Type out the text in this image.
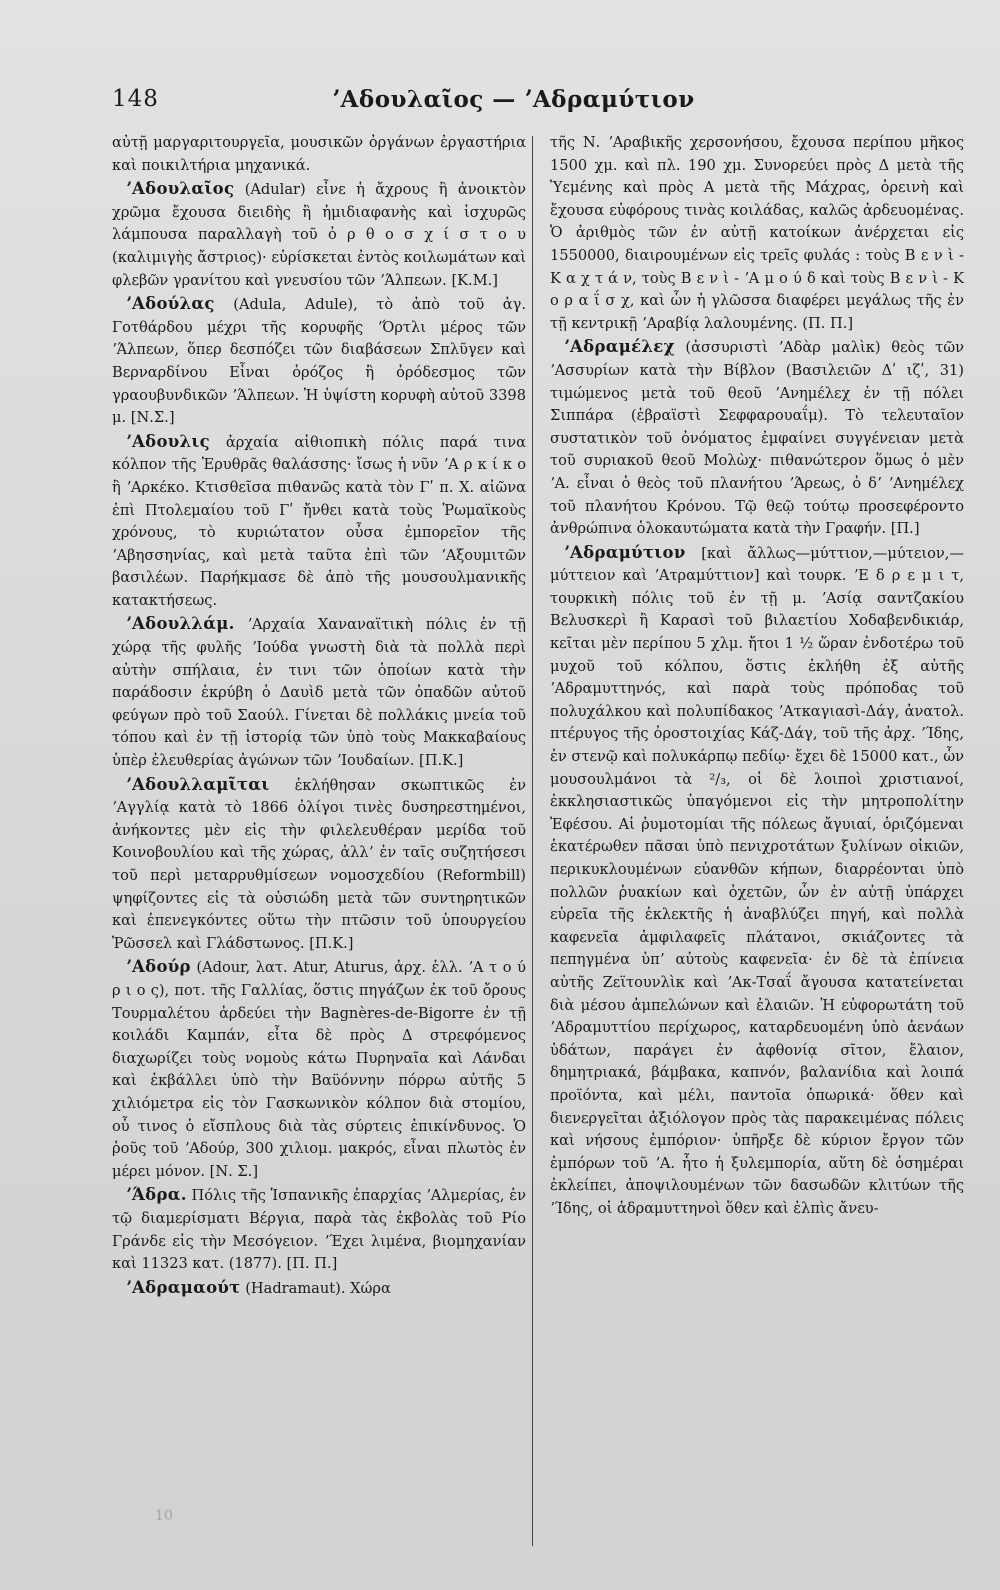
148	ʼΑδουλαῖος — ʼΑδραμύτιον

αὐτῇ μαργαριτουργεῖα, μουσικῶν ὀργάνων ἐργαστήρια καὶ ποικιλτήρια μηχανικά.

ʼΑδουλαῖος (Adular) εἶνε ἡ ἄχρους ἢ ἀνοικτὸν χρῶμα ἔχουσα διειδὴς ἢ ἡμιδιαφανὴς καὶ ἰσχυρῶς λάμπουσα παραλλαγὴ τοῦ ὀ ρ θ ο σ χ ί σ τ ο υ (καλιμιγὴς ἄστριος)· εὑρίσκεται ἐντὸς κοιλωμάτων καὶ φλεβῶν γρανίτου καὶ γνευσίου τῶν ʼΆλπεων. [Κ.Μ.]

ʼΑδούλας (Adula, Adule), τὸ ἀπὸ τοῦ ἁγ. Γοτθάρδου μέχρι τῆς κορυφῆς ʼΌρτλι μέρος τῶν ʼΆλπεων, ὅπερ δεσπόζει τῶν διαβάσεων Σπλῦγεν καὶ Βερναρδίνου Εἶναι ὀρόζος ἢ ὀρόδεσμος τῶν γραουβυνδικῶν ʼΆλπεων. Ἡ ὑψίστη κορυφὴ αὐτοῦ 3398 μ. [Ν.Σ.]

ʼΑδουλις ἀρχαία αἰθιοπικὴ πόλις παρά τινα κόλπον τῆς Ἐρυθρᾶς θαλάσσης· ἴσως ἡ νῦν ʼΑ ρ κ ί κ ο ἢ ʼΑρκέκο. Κτισθεῖσα πιθανῶς κατὰ τὸν Γʹ π. Χ. αἰῶνα ἐπὶ Πτολεμαίου τοῦ Γʹ ἤνθει κατὰ τοὺς Ῥωμαϊκοὺς χρόνους, τὸ κυριώτατον οὖσα ἐμπορεῖον τῆς ʼΑβησσηνίας, καὶ μετὰ ταῦτα ἐπὶ τῶν ʼΑξουμιτῶν βασιλέων. Παρήκμασε δὲ ἀπὸ τῆς μουσουλμανικῆς κατακτήσεως.

ʼΑδουλλάμ. ʼΑρχαία Χαναναϊτικὴ πόλις ἐν τῇ χώρᾳ τῆς φυλῆς ʼΙούδα γνωστὴ διὰ τὰ πολλὰ περὶ αὐτὴν σπήλαια, ἐν τινι τῶν ὁποίων κατὰ τὴν παράδοσιν ἐκρύβη ὁ Δαυὶδ μετὰ τῶν ὀπαδῶν αὐτοῦ φεύγων πρὸ τοῦ Σαούλ. Γίνεται δὲ πολλάκις μνεία τοῦ τόπου καὶ ἐν τῇ ἱστορίᾳ τῶν ὑπὸ τοὺς Μακκαβαίους ὑπὲρ ἐλευθερίας ἀγώνων τῶν ʼΙουδαίων. [Π.Κ.]

ʼΑδουλλαμῖται ἐκλήθησαν σκωπτικῶς ἐν ʼΑγγλίᾳ κατὰ τὸ 1866 ὀλίγοι τινὲς δυσηρεστημένοι, ἀνήκοντες μὲν εἰς τὴν φιλελευθέραν μερίδα τοῦ Κοινοβουλίου καὶ τῆς χώρας, ἀλλʼ ἐν ταῖς συζητήσεσι τοῦ περὶ μεταρρυθμίσεων νομοσχεδίου (Reformbill) ψηφίζοντες εἰς τὰ οὐσιώδη μετὰ τῶν συντηρητικῶν καὶ ἐπενεγκόντες οὕτω τὴν πτῶσιν τοῦ ὑπουργείου Ῥῶσσελ καὶ Γλάδστωνος. [Π.Κ.]

ʼΑδούρ (Adour, λατ. Atur, Aturus, ἀρχ. ἑλλ. ʼΑ τ ο ύ ρ ι ο ς), ποτ. τῆς Γαλλίας, ὅστις πηγάζων ἐκ τοῦ ὄρους Τουρμαλέτου ἀρδεύει τὴν Bagnères-de-Bigorre ἐν τῇ κοιλάδι Καμπάν, εἶτα δὲ πρὸς Δ στρεφόμενος διαχωρίζει τοὺς νομοὺς κάτω Πυρηναῖα καὶ Λάνδαι καὶ ἐκβάλλει ὑπὸ τὴν Βαϋόννην πόρρω αὐτῆς 5 χιλιόμετρα εἰς τὸν Γασκωνικὸν κόλπον διὰ στομίου, οὗ τινος ὁ εἴσπλους διὰ τὰς σύρτεις ἐπικίνδυνος. Ὁ ῥοῦς τοῦ ʼΑδούρ, 300 χιλιομ. μακρός, εἶναι πλωτὸς ἐν μέρει μόνον. [Ν. Σ.]

ʼΆδρα. Πόλις τῆς Ἱσπανικῆς ἐπαρχίας ʼΑλμερίας, ἐν τῷ διαμερίσματι Βέργια, παρὰ τὰς ἐκβολὰς τοῦ Ρίο Γράνδε εἰς τὴν Μεσόγειον. ʼΈχει λιμένα, βιομηχανίαν καὶ 11323 κατ. (1877). [Π. Π.]

ʼΑδραμαούτ (Hadramaut). Χώρα

τῆς Ν. ʼΑραβικῆς χερσονήσου, ἔχουσα περίπου μῆκος 1500 χμ. καὶ πλ. 190 χμ. Συνορεύει πρὸς Δ μετὰ τῆς Ὑεμένης καὶ πρὸς Α μετὰ τῆς Μάχρας, ὀρεινὴ καὶ ἔχουσα εὐφόρους τινὰς κοιλάδας, καλῶς ἀρδευομένας. Ὁ ἀριθμὸς τῶν ἐν αὐτῇ κατοίκων ἀνέρχεται εἰς 1550000, διαιρουμένων εἰς τρεῖς φυλάς : τοὺς Β ε ν ὶ - Κ α χ τ ά ν, τοὺς Β ε ν ὶ - ʼΑ μ ο ύ δ καὶ τοὺς Β ε ν ὶ - Κ ο ρ α ΐ σ χ, καὶ ὧν ἡ γλῶσσα διαφέρει μεγάλως τῆς ἐν τῇ κεντρικῇ ʼΑραβίᾳ λαλουμένης. (Π. Π.]

ʼΑδραμέλεχ (ἀσσυριστὶ ʼΑδὰρ μαλὶκ) θεὸς τῶν ʼΑσσυρίων κατὰ τὴν Βίβλον (Βασιλειῶν Δʹ ιζʹ, 31) τιμώμενος μετὰ τοῦ θεοῦ ʼΑνημέλεχ ἐν τῇ πόλει Σιππάρα (ἑβραϊστὶ Σεφφαρουαΐμ). Τὸ τελευταῖον συστατικὸν τοῦ ὀνόματος ἐμφαίνει συγγένειαν μετὰ τοῦ συριακοῦ θεοῦ Μολὼχ· πιθανώτερον ὅμως ὁ μὲν ʼΑ. εἶναι ὁ θεὸς τοῦ πλανήτου ʼΆρεως, ὁ δʼ ʼΑνημέλεχ τοῦ πλανήτου Κρόνου. Τῷ θεῷ τούτῳ προσεφέροντο ἀνθρώπινα ὁλοκαυτώματα κατὰ τὴν Γραφήν. [Π.]

ʼΑδραμύτιον [καὶ ἄλλως—μύττιον,—μύτειον,— μύττειον καὶ ʼΑτραμύττιον] καὶ τουρκ. ʼΕ δ ρ ε μ ι τ, τουρκικὴ πόλις τοῦ ἐν τῇ μ. ʼΑσίᾳ σαντζακίου Βελυσκερὶ ἢ Καρασὶ τοῦ βιλαετίου Χοδαβενδικιάρ, κεῖται μὲν περίπου 5 χλμ. ἤτοι 1 ½ ὥραν ἐνδοτέρω τοῦ μυχοῦ τοῦ κόλπου, ὅστις ἐκλήθη ἐξ αὐτῆς ʼΑδραμυττηνός, καὶ παρὰ τοὺς πρόποδας τοῦ πολυχάλκου καὶ πολυπίδακος ʼΑτκαγιασὶ-Δάγ, ἀνατολ. πτέρυγος τῆς ὀροστοιχίας Κάζ-Δάγ, τοῦ τῆς ἀρχ. ʼΊδης, ἐν στενῷ καὶ πολυκάρπῳ πεδίῳ· ἔχει δὲ 15000 κατ., ὧν μουσουλμάνοι τὰ ²/₃, οἱ δὲ λοιποὶ χριστιανοί, ἐκκλησιαστικῶς ὑπαγόμενοι εἰς τὴν μητροπολίτην Ἐφέσου. Αἱ ῥυμοτομίαι τῆς πόλεως ἄγυιαί, ὁριζόμεναι ἑκατέρωθεν πᾶσαι ὑπὸ πενιχροτάτων ξυλίνων οἰκιῶν, περικυκλουμένων εὐανθῶν κήπων, διαρρέονται ὑπὸ πολλῶν ῥυακίων καὶ ὀχετῶν, ὧν ἐν αὐτῇ ὑπάρχει εὐρεῖα τῆς ἐκλεκτῆς ἡ ἀναβλύζει πηγή, καὶ πολλὰ καφενεῖα ἀμφιλαφεῖς πλάτανοι, σκιάζοντες τὰ πεπηγμένα ὑπʼ αὐτοὺς καφενεῖα· ἐν δὲ τὰ ἐπίνεια αὐτῆς Ζεϊτουνλὶκ καὶ ʼΑκ-Τσαΐ ἄγουσα κατατείνεται διὰ μέσου ἀμπελώνων καὶ ἐλαιῶν. Ἡ εὐφορωτάτη τοῦ ʼΑδραμυττίου περίχωρος, καταρδευομένη ὑπὸ ἀενάων ὑδάτων, παράγει ἐν ἀφθονίᾳ σῖτον, ἔλαιον, δημητριακά, βάμβακα, καπνόν, βαλανίδια καὶ λοιπά προϊόντα, καὶ μέλι, παντοῖα ὀπωρικά· ὅθεν καὶ διενεργεῖται ἀξιόλογον πρὸς τὰς παρακειμένας πόλεις καὶ νήσους ἐμπόριον· ὑπῆρξε δὲ κύριον ἔργον τῶν ἐμπόρων τοῦ ʼΑ. ἧτο ἡ ξυλεμπορία, αὕτη δὲ ὁσημέραι ἐκλείπει, ἀποψιλουμένων τῶν δασωδῶν κλιτύων τῆς ʼΊδης, οἱ ἀδραμυττηνοὶ ὅθεν καὶ ἐλπὶς ἄνευ-

10
